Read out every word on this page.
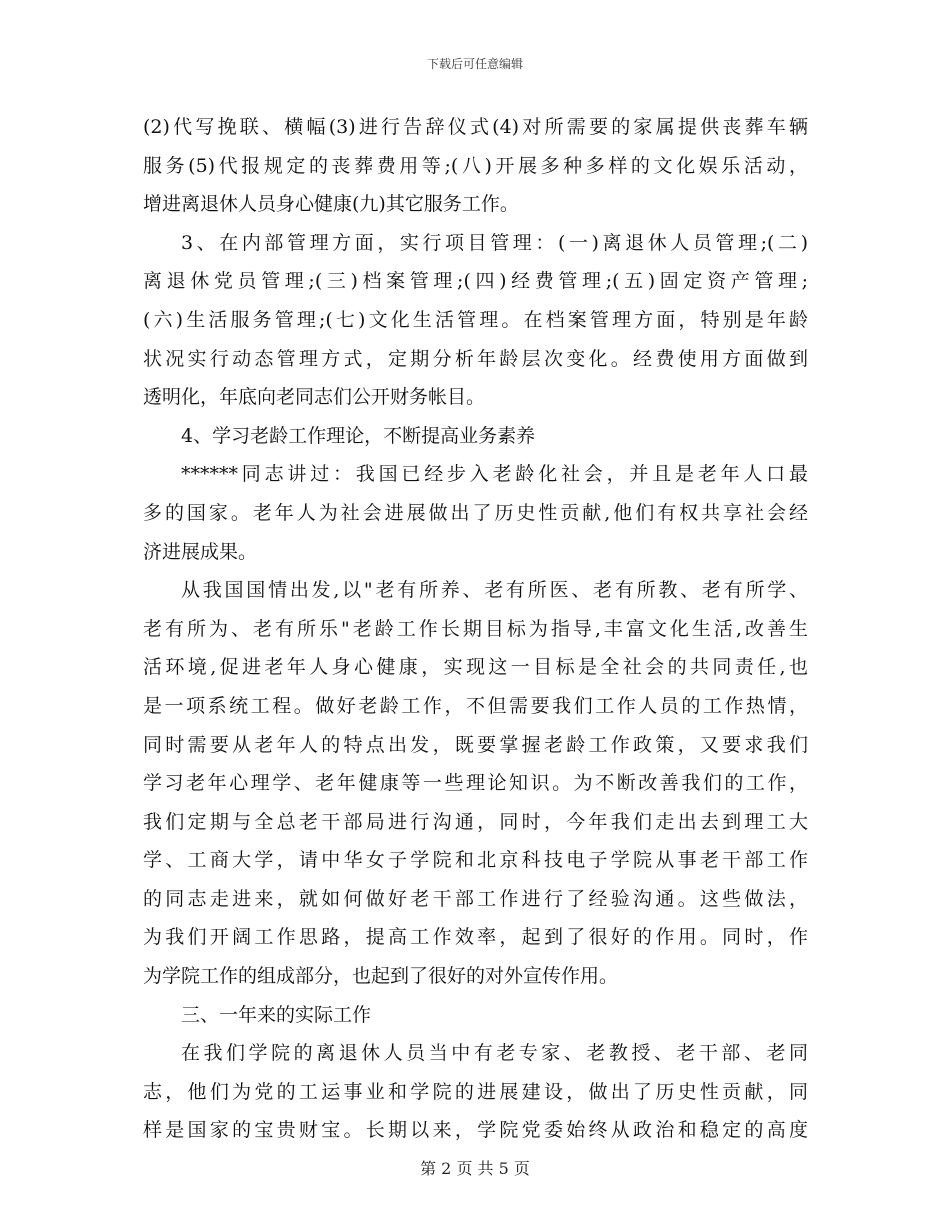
下载后可任意编辑
(2)代写挽联、横幅(3)进行告辞仪式(4)对所需要的家属提供丧葬车辆
服务(5)代报规定的丧葬费用等;(八)开展多种多样的文化娱乐活动，
增进离退休人员身心健康(九)其它服务工作。
3、在内部管理方面，实行项目管理：(一)离退休人员管理;(二)
离退休党员管理;(三)档案管理;(四)经费管理;(五)固定资产管理;
(六)生活服务管理;(七)文化生活管理。在档案管理方面，特别是年龄
状况实行动态管理方式，定期分析年龄层次变化。经费使用方面做到
透明化，年底向老同志们公开财务帐目。
4、学习老龄工作理论，不断提高业务素养
******同志讲过：我国已经步入老龄化社会，并且是老年人口最
多的国家。老年人为社会进展做出了历史性贡献,他们有权共享社会经
济进展成果。
从我国国情出发,以"老有所养、老有所医、老有所教、老有所学、
老有所为、老有所乐"老龄工作长期目标为指导,丰富文化生活,改善生
活环境,促进老年人身心健康，实现这一目标是全社会的共同责任,也
是一项系统工程。做好老龄工作，不但需要我们工作人员的工作热情，
同时需要从老年人的特点出发，既要掌握老龄工作政策，又要求我们
学习老年心理学、老年健康等一些理论知识。为不断改善我们的工作，
我们定期与全总老干部局进行沟通，同时，今年我们走出去到理工大
学、工商大学，请中华女子学院和北京科技电子学院从事老干部工作
的同志走进来，就如何做好老干部工作进行了经验沟通。这些做法，
为我们开阔工作思路，提高工作效率，起到了很好的作用。同时，作
为学院工作的组成部分，也起到了很好的对外宣传作用。
三、一年来的实际工作
在我们学院的离退休人员当中有老专家、老教授、老干部、老同
志，他们为党的工运事业和学院的进展建设，做出了历史性贡献，同
样是国家的宝贵财宝。长期以来，学院党委始终从政治和稳定的高度
第 2 页 共 5 页
